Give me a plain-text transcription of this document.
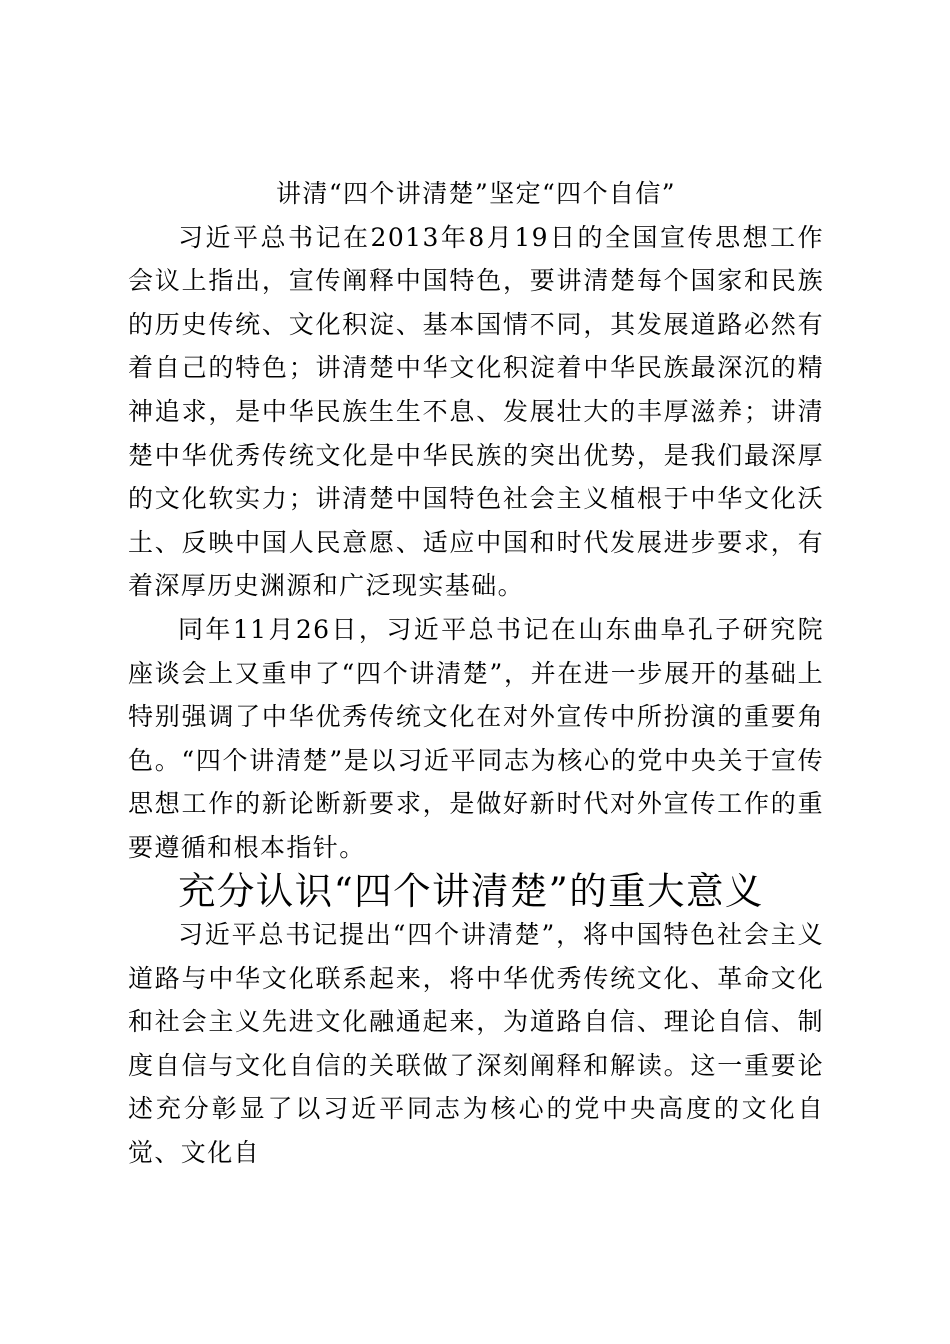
讲清“四个讲清楚”坚定“四个自信”

习近平总书记在2013年8月19日的全国宣传思想工作会议上指出，宣传阐释中国特色，要讲清楚每个国家和民族的历史传统、文化积淀、基本国情不同，其发展道路必然有着自己的特色；讲清楚中华文化积淀着中华民族最深沉的精神追求，是中华民族生生不息、发展壮大的丰厚滋养；讲清楚中华优秀传统文化是中华民族的突出优势，是我们最深厚的文化软实力；讲清楚中国特色社会主义植根于中华文化沃土、反映中国人民意愿、适应中国和时代发展进步要求，有着深厚历史渊源和广泛现实基础。

同年11月26日，习近平总书记在山东曲阜孔子研究院座谈会上又重申了“四个讲清楚”，并在进一步展开的基础上特别强调了中华优秀传统文化在对外宣传中所扮演的重要角色。“四个讲清楚”是以习近平同志为核心的党中央关于宣传思想工作的新论断新要求，是做好新时代对外宣传工作的重要遵循和根本指针。

充分认识“四个讲清楚”的重大意义

习近平总书记提出“四个讲清楚”，将中国特色社会主义道路与中华文化联系起来，将中华优秀传统文化、革命文化和社会主义先进文化融通起来，为道路自信、理论自信、制度自信与文化自信的关联做了深刻阐释和解读。这一重要论述充分彰显了以习近平同志为核心的党中央高度的文化自觉、文化自
